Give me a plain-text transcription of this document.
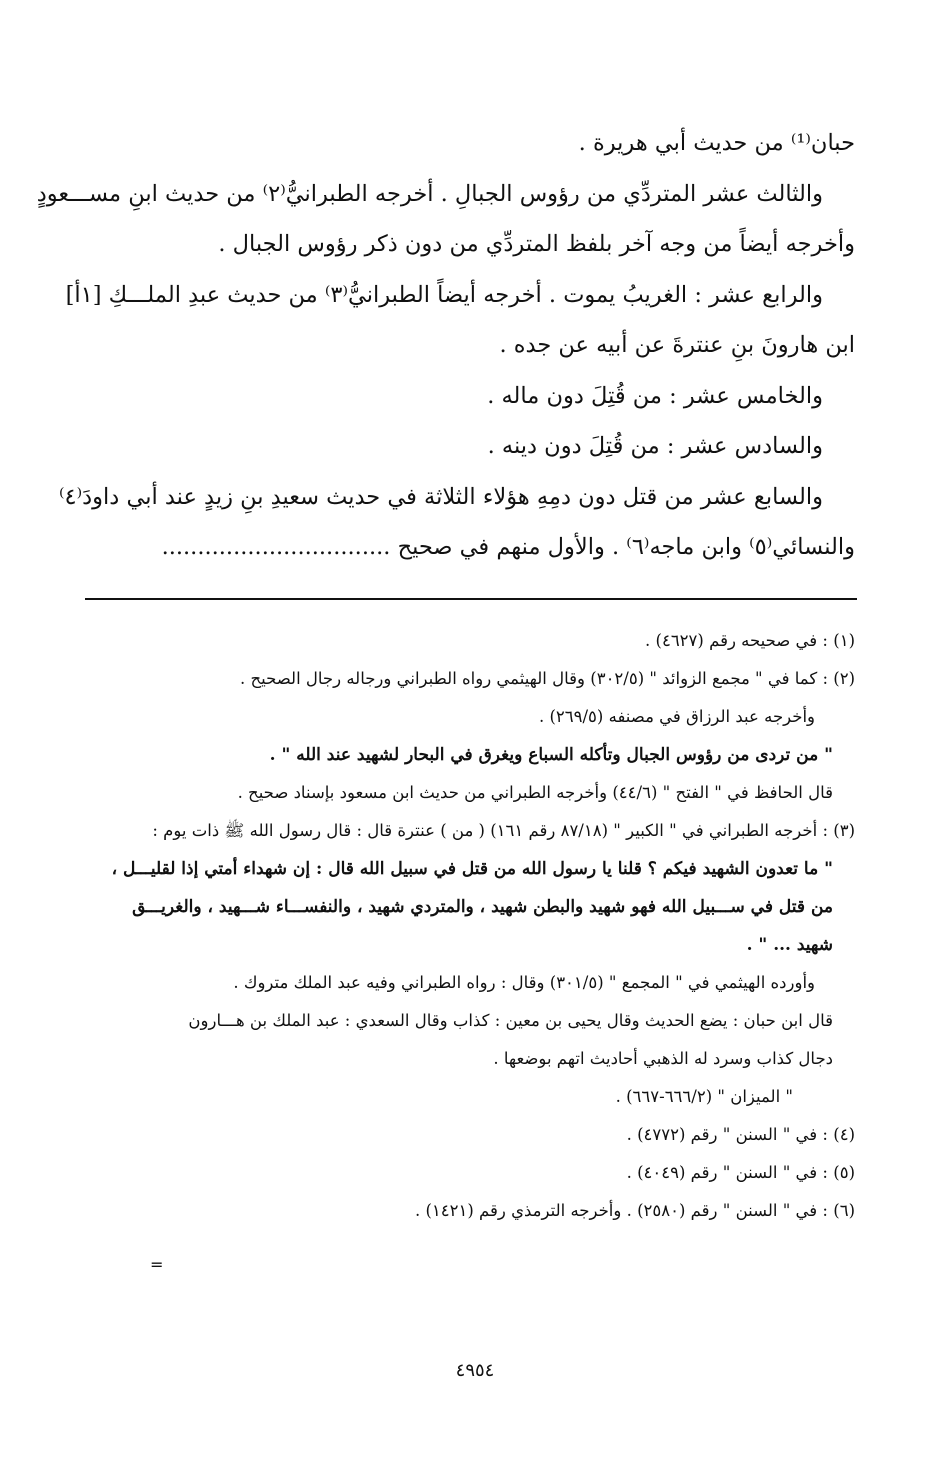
حبان⁽¹⁾ من حديث أبي هريرة .
والثالث عشر المتردِّي من رؤوس الجبالِ . أخرجه الطبرانيُّ⁽٢⁾ من حديث ابنِ مســـعودٍ
وأخرجه أيضاً من وجه آخر بلفظ المتردِّي من دون ذكر رؤوس الجبال .
والرابع عشر : الغريبُ يموت . أخرجه أيضاً الطبرانيُّ⁽٣⁾ من حديث عبدِ الملـــكِ [١أ]
ابن هارونَ بنِ عنترةَ عن أبيه عن جده .
والخامس عشر : من قُتِلَ دون ماله .
والسادس عشر : من قُتِلَ دون دينه .
والسابع عشر من قتل دون دمِهِ هؤلاء الثلاثة في حديث سعيدِ بنِ زيدٍ عند أبي داودَ⁽٤⁾
والنسائي⁽٥⁾ وابن ماجه⁽٦⁾ . والأول منهم في صحيح ................................
(١) : في صحيحه رقم (٤٦٢٧) .
(٢) : كما في " مجمع الزوائد " (٣٠٢/٥) وقال الهيثمي رواه الطبراني ورجاله رجال الصحيح .
وأخرجه عبد الرزاق في مصنفه (٢٦٩/٥) .
" من تردى من رؤوس الجبال وتأكله السباع ويغرق في البحار لشهيد عند الله " .
قال الحافظ في " الفتح " (٤٤/٦) وأخرجه الطبراني من حديث ابن مسعود بإسناد صحيح .
(٣) : أخرجه الطبراني في " الكبير " (٨٧/١٨ رقم ١٦١) ( من ) عنترة قال : قال رسول الله ﷺ ذات يوم :
" ما تعدون الشهيد فيكم ؟ قلنا يا رسول الله من قتل في سبيل الله قال : إن شهداء أمتي إذا لقليـــل ،
من قتل في ســـبيل الله فهو شهيد والبطن شهيد ، والمتردي شهيد ، والنفســـاء شـــهيد ، والغريـــق
شهيد ... " .
وأورده الهيثمي في " المجمع " (٣٠١/٥) وقال : رواه الطبراني وفيه عبد الملك متروك .
قال ابن حبان : يضع الحديث وقال يحيى بن معين : كذاب وقال السعدي : عبد الملك بن هـــارون
دجال كذاب وسرد له الذهبي أحاديث اتهم بوضعها .
" الميزان " (٦٦٦/٢-٦٦٧) .
(٤) : في " السنن " رقم (٤٧٧٢) .
(٥) : في " السنن " رقم (٤٠٤٩) .
(٦) : في " السنن " رقم (٢٥٨٠) . وأخرجه الترمذي رقم (١٤٢١) .
=
٤٩٥٤
